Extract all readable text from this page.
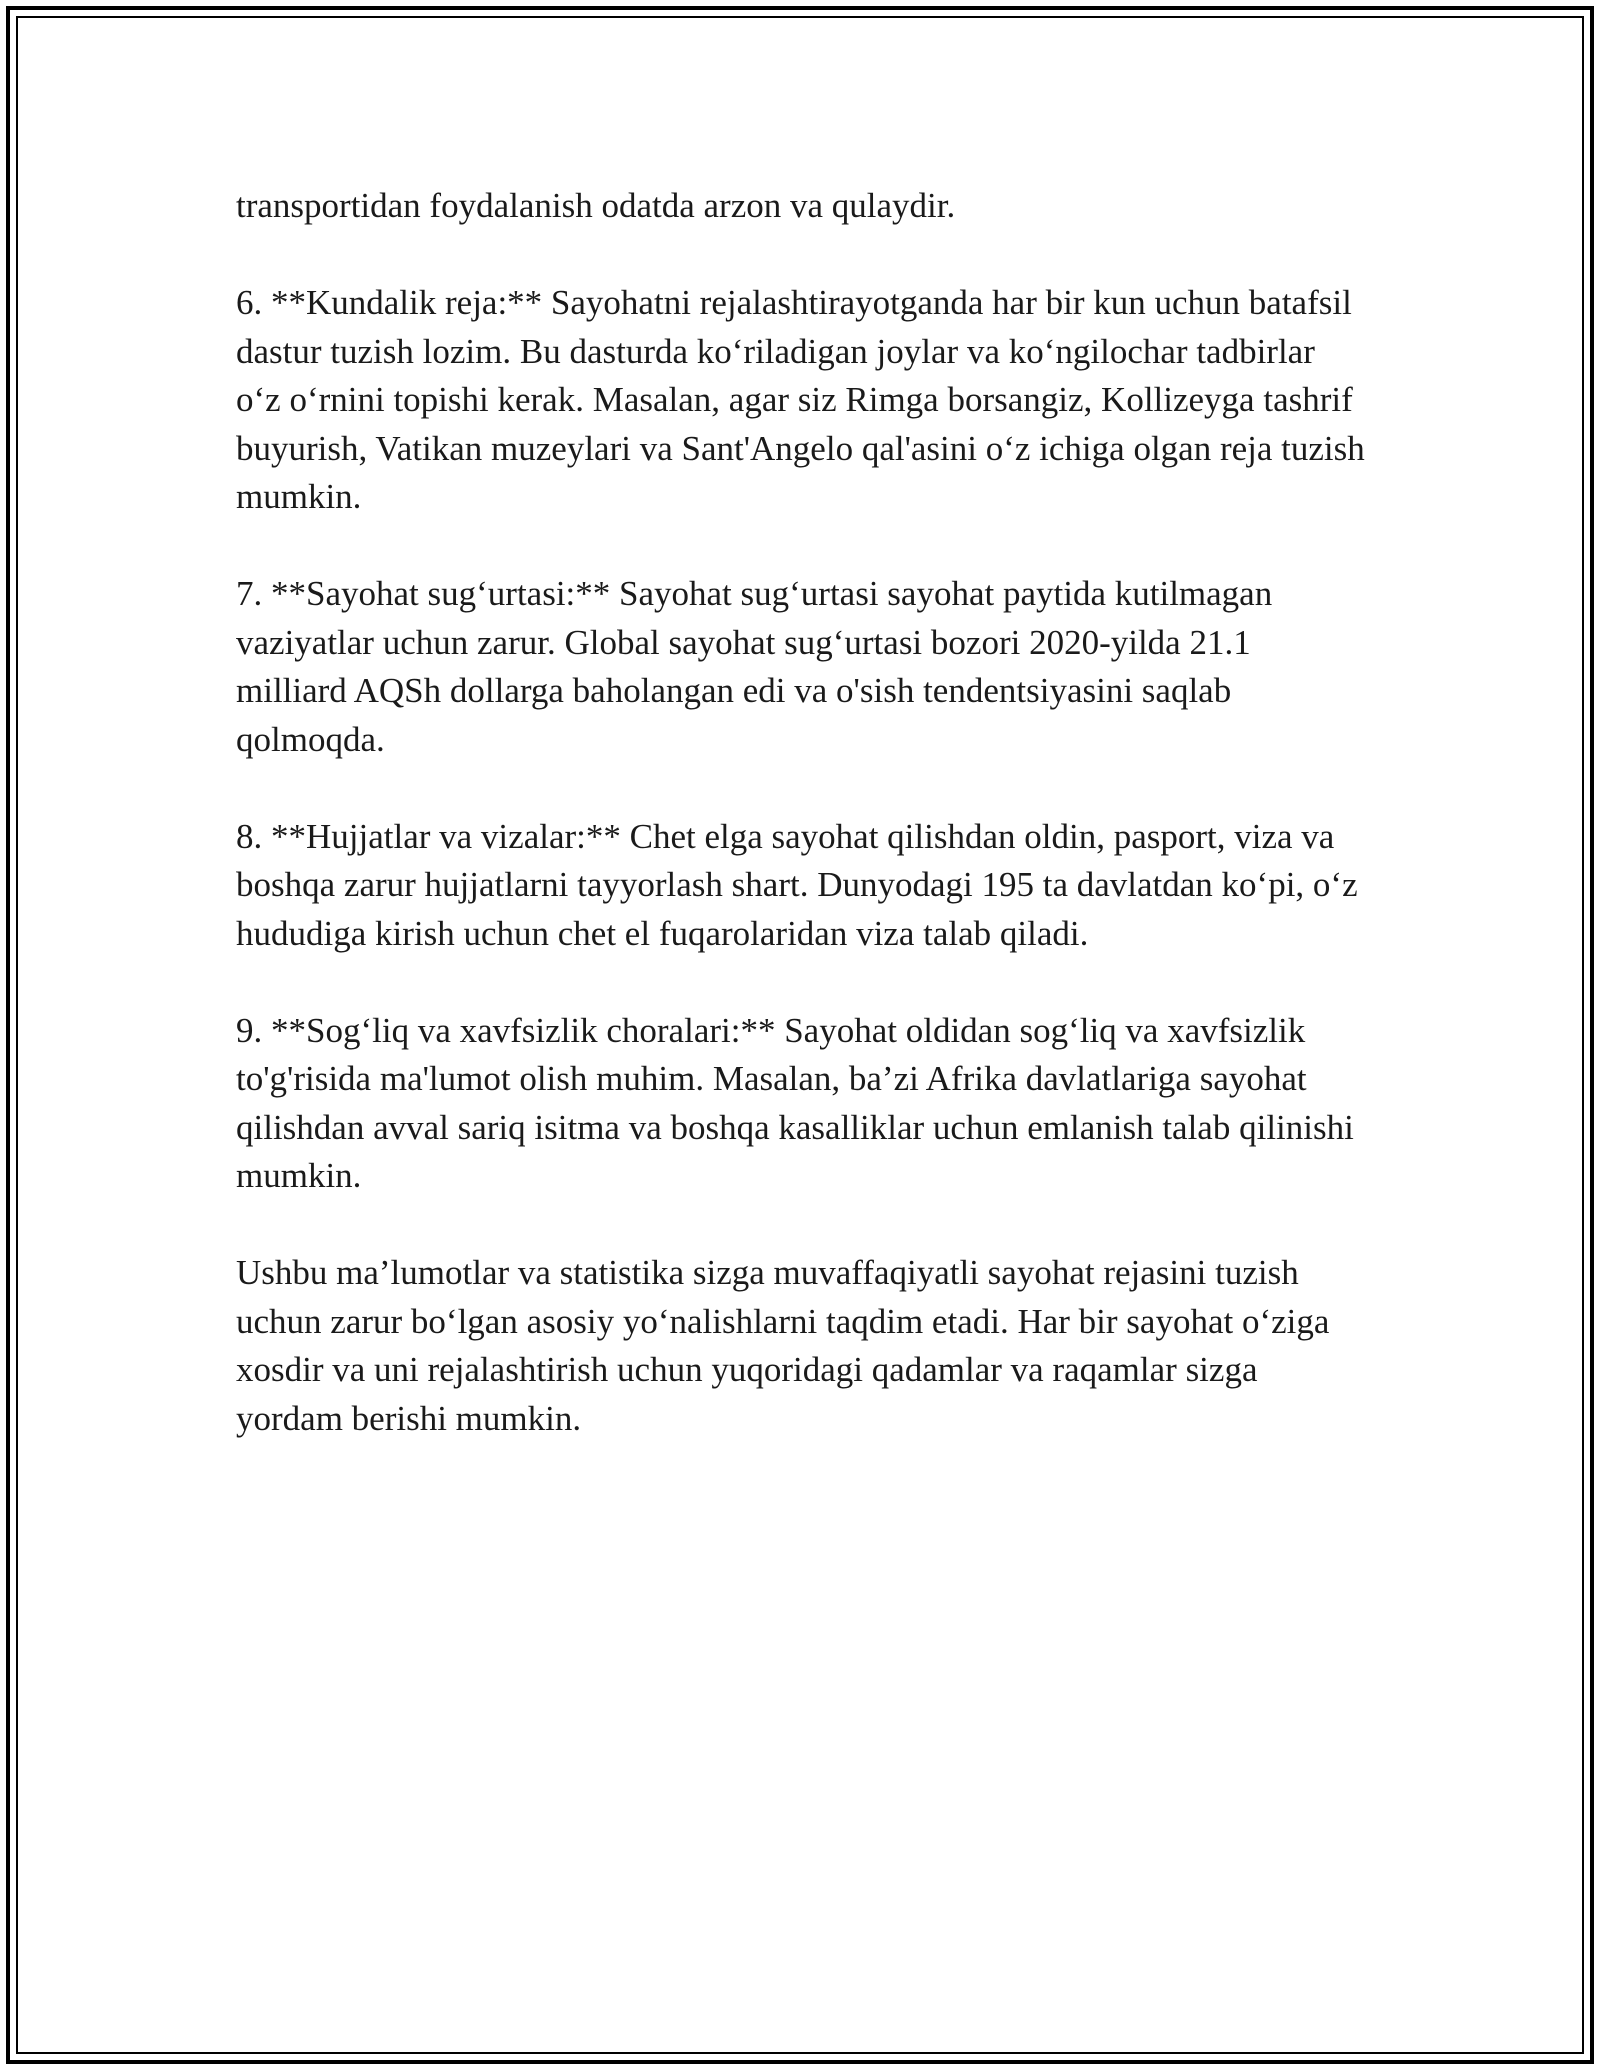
transportidan foydalanish odatda arzon va qulaydir.

6. **Kundalik reja:** Sayohatni rejalashtirayotganda har bir kun uchun batafsil dastur tuzish lozim. Bu dasturda ko‘riladigan joylar va ko‘ngilochar tadbirlar o‘z o‘rnini topishi kerak. Masalan, agar siz Rimga borsangiz, Kollizeyga tashrif buyurish, Vatikan muzeylari va Sant'Angelo qal'asini o‘z ichiga olgan reja tuzish mumkin.

7. **Sayohat sug‘urtasi:** Sayohat sug‘urtasi sayohat paytida kutilmagan vaziyatlar uchun zarur. Global sayohat sug‘urtasi bozori 2020-yilda 21.1 milliard AQSh dollarga baholangan edi va o'sish tendentsiyasini saqlab qolmoqda.

8. **Hujjatlar va vizalar:** Chet elga sayohat qilishdan oldin, pasport, viza va boshqa zarur hujjatlarni tayyorlash shart. Dunyodagi 195 ta davlatdan ko‘pi, o‘z hududiga kirish uchun chet el fuqarolaridan viza talab qiladi.

9. **Sog‘liq va xavfsizlik choralari:** Sayohat oldidan sog‘liq va xavfsizlik to'g'risida ma'lumot olish muhim. Masalan, ba’zi Afrika davlatlariga sayohat qilishdan avval sariq isitma va boshqa kasalliklar uchun emlanish talab qilinishi mumkin.

Ushbu ma’lumotlar va statistika sizga muvaffaqiyatli sayohat rejasini tuzish uchun zarur bo‘lgan asosiy yo‘nalishlarni taqdim etadi. Har bir sayohat o‘ziga xosdir va uni rejalashtirish uchun yuqoridagi qadamlar va raqamlar sizga yordam berishi mumkin.
